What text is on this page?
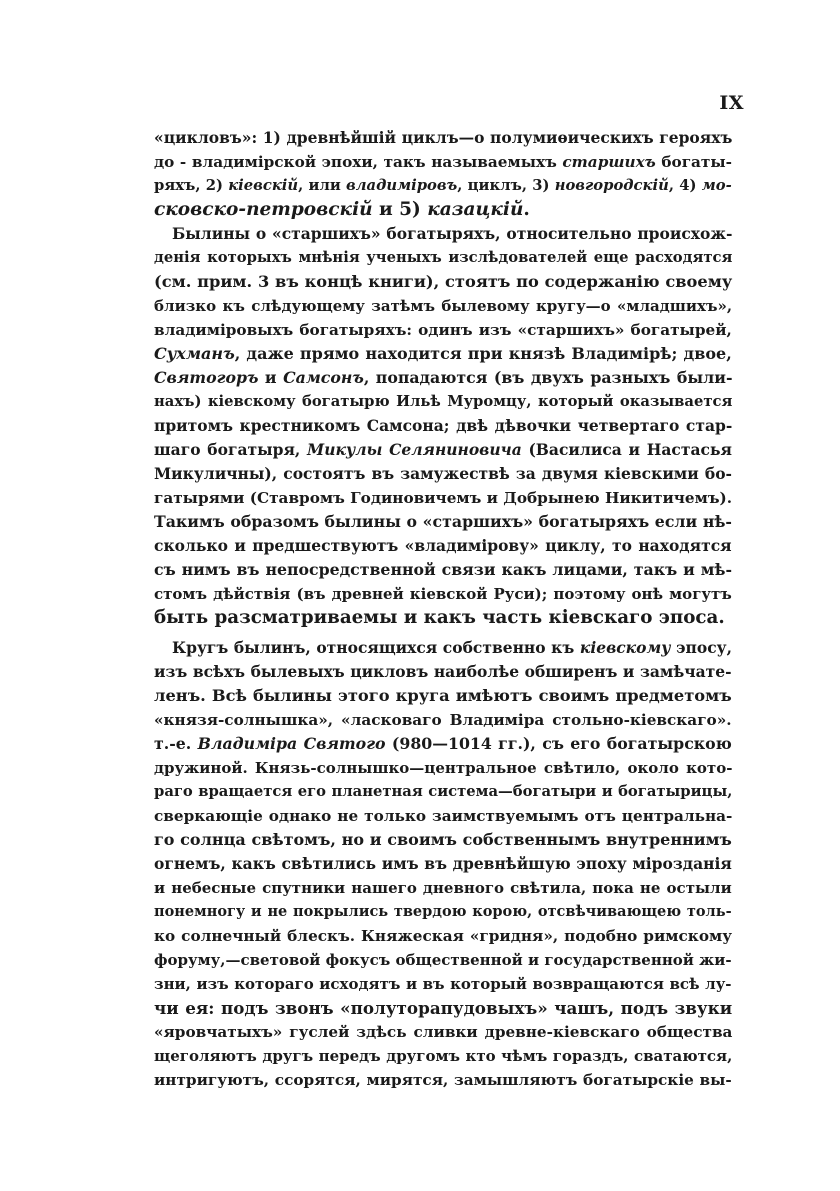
IX
«цикловъ»: 1) древнѣйшій циклъ—о полумиѳическихъ герояхъ
до - владимірской эпохи, такъ называемыхъ старшихъ богаты-
ряхъ, 2) кіевскій, или владиміровъ, циклъ, 3) новгородскій, 4) мо-
сковско-петровскій и 5) казацкій.
Былины о «старшихъ» богатыряхъ, относительно происхож-
денія которыхъ мнѣнія ученыхъ изслѣдователей еще расходятся
(см. прим. 3 въ концѣ книги), стоятъ по содержанію своему
близко къ слѣдующему затѣмъ былевому кругу—о «младшихъ»,
владиміровыхъ богатыряхъ: одинъ изъ «старшихъ» богатырей,
Сухманъ, даже прямо находится при князѣ Владимірѣ; двое,
Святогоръ и Самсонъ, попадаются (въ двухъ разныхъ были-
нахъ) кіевскому богатырю Ильѣ Муромцу, который оказывается
притомъ крестникомъ Самсона; двѣ дѣвочки четвертаго стар-
шаго богатыря, Микулы Селяниновича (Василиса и Настасья
Микуличны), состоятъ въ замужествѣ за двумя кіевскими бо-
гатырями (Ставромъ Годиновичемъ и Добрынею Никитичемъ).
Такимъ образомъ былины о «старшихъ» богатыряхъ если нѣ-
сколько и предшествуютъ «владимірову» циклу, то находятся
съ нимъ въ непосредственной связи какъ лицами, такъ и мѣ-
стомъ дѣйствія (въ древней кіевской Руси); поэтому онѣ могутъ
быть разсматриваемы и какъ часть кіевскаго эпоса.
Кругъ былинъ, относящихся собственно къ кіевскому эпосу,
изъ всѣхъ былевыхъ цикловъ наиболѣе обширенъ и замѣчате-
ленъ. Всѣ былины этого круга имѣютъ своимъ предметомъ
«князя-солнышка», «ласковаго Владиміра стольно-кіевскаго».
т.-е. Владиміра Святого (980—1014 гг.), съ его богатырскою
дружиной. Князь-солнышко—центральное свѣтило, около кото-
раго вращается его планетная система—богатыри и богатырицы,
сверкающіе однако не только заимствуемымъ отъ центральна-
го солнца свѣтомъ, но и своимъ собственнымъ внутреннимъ
огнемъ, какъ свѣтились имъ въ древнѣйшую эпоху мірозданія
и небесные спутники нашего дневного свѣтила, пока не остыли
понемногу и не покрылись твердою корою, отсвѣчивающею толь-
ко солнечный блескъ. Княжеская «гридня», подобно римскому
форуму,—световой фокусъ общественной и государственной жи-
зни, изъ котораго исходятъ и въ который возвращаются всѣ лу-
чи ея: подъ звонъ «полуторапудовыхъ» чашъ, подъ звуки
«яровчатыхъ» гуслей здѣсь сливки древне-кіевскаго общества
щеголяютъ другъ передъ другомъ кто чѣмъ гораздъ, сватаются,
интригуютъ, ссорятся, мирятся, замышляютъ богатырскіе вы-
